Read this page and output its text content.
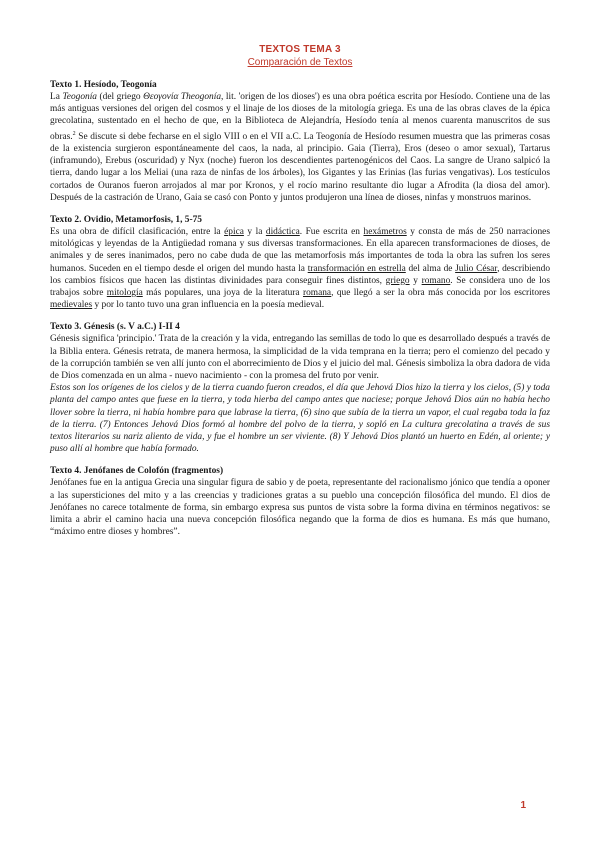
TEXTOS TEMA 3
Comparación de Textos
Texto 1. Hesíodo, Teogonía

La Teogonía (del griego Θεογονία Theogonía, lit. 'origen de los dioses') es una obra poética escrita por Hesíodo. Contiene una de las más antiguas versiones del origen del cosmos y el linaje de los dioses de la mitología griega. Es una de las obras claves de la épica grecolatina, sustentado en el hecho de que, en la Biblioteca de Alejandría, Hesíodo tenía al menos cuarenta manuscritos de sus obras.$^2$ Se discute si debe fecharse en el siglo VIII o en el VII a.C. La Teogonía de Hesíodo resumen muestra que las primeras cosas de la existencia surgieron espontáneamente del caos, la nada, al principio. Gaia (Tierra), Eros (deseo o amor sexual), Tartarus (inframundo), Erebus (oscuridad) y Nyx (noche) fueron los descendientes partenogénicos del Caos. La sangre de Urano salpicó la tierra, dando lugar a los Meliai (una raza de ninfas de los árboles), los Gigantes y las Erinias (las furias vengativas). Los testículos cortados de Ouranos fueron arrojados al mar por Kronos, y el rocío marino resultante dio lugar a Afrodita (la diosa del amor). Después de la castración de Urano, Gaia se casó con Ponto y juntos produjeron una línea de dioses, ninfas y monstruos marinos.

Texto 2. Ovidio, Metamorfosis, 1, 5-75

Es una obra de difícil clasificación, entre la épica y la didáctica. Fue escrita en hexámetros y consta de más de 250 narraciones mitológicas y leyendas de la Antigüedad romana y sus diversas transformaciones. En ella aparecen transformaciones de dioses, de animales y de seres inanimados, pero no cabe duda de que las metamorfosis más importantes de toda la obra las sufren los seres humanos. Suceden en el tiempo desde el origen del mundo hasta la transformación en estrella del alma de Julio César, describiendo los cambios físicos que hacen las distintas divinidades para conseguir fines distintos, griego y romano. Se considera uno de los trabajos sobre mitología más populares, una joya de la literatura romana, que llegó a ser la obra más conocida por los escritores medievales y por lo tanto tuvo una gran influencia en la poesía medieval.

Texto 3. Génesis (s. V a.C.) I-II 4

Génesis significa 'principio.' Trata de la creación y la vida, entregando las semillas de todo lo que es desarrollado después a través de la Biblia entera. Génesis retrata, de manera hermosa, la simplicidad de la vida temprana en la tierra; pero el comienzo del pecado y de la corrupción también se ven allí junto con el aborrecimiento de Dios y el juicio del mal. Génesis simboliza la obra dadora de vida de Dios comenzada en un alma - nuevo nacimiento - con la promesa del fruto por venir.

Estos son los orígenes de los cielos y de la tierra cuando fueron creados, el día que Jehová Dios hizo la tierra y los cielos, (5) y toda planta del campo antes que fuese en la tierra, y toda hierba del campo antes que naciese; porque Jehová Dios aún no había hecho llover sobre la tierra, ni había hombre para que labrase la tierra, (6) sino que subía de la tierra un vapor, el cual regaba toda la faz de la tierra. (7) Entonces Jehová Dios formó al hombre del polvo de la tierra, y sopló en La cultura grecolatina a través de sus textos literarios su nariz aliento de vida, y fue el hombre un ser viviente. (8) Y Jehová Dios plantó un huerto en Edén, al oriente; y puso allí al hombre que había formado.

Texto 4. Jenófanes de Colofón (fragmentos)

Jenófanes fue en la antigua Grecia una singular figura de sabio y de poeta, representante del racionalismo jónico que tendía a oponer a las supersticiones del mito y a las creencias y tradiciones gratas a su pueblo una concepción filosófica del mundo. El dios de Jenófanes no carece totalmente de forma, sin embargo expresa sus puntos de vista sobre la forma divina en términos negativos: se limita a abrir el camino hacia una nueva concepción filosófica negando que la forma de dios es humana. Es más que humano, “máximo entre dioses y hombres”.

1
